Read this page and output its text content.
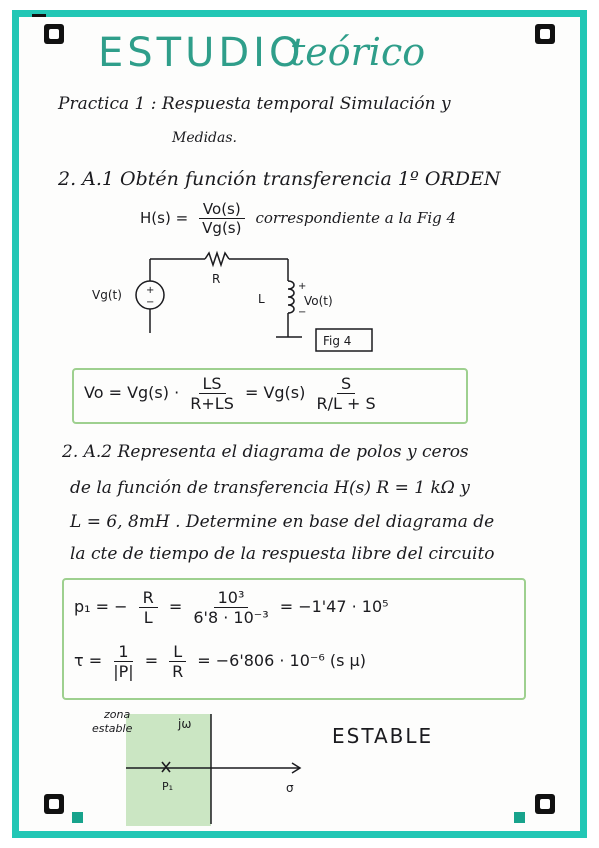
ESTUDIO
teórico
Practica 1 : Respuesta temporal Simulación y
Medidas.
2. A.1 Obtén función transferencia 1º ORDEN
$H(s) = \frac{Vo(s)}{Vg(s)}$ correspondiente a la Fig 4
+
−
Vg(t)
R
L
+
−
Vo(t)
Fig 4
$Vo = Vg(s) \cdot \frac{LS}{R+LS} = Vg(s) \frac{S}{R/L + S}$
2. A.2 Representa el diagrama de polos y ceros
de la función de transferencia H(s) R = 1 kΩ y
L = 6, 8mH . Determine en base del diagrama de
la cte de tiempo de la respuesta libre del circuito
p₁ = − $\frac{R}{L} = \frac{\text{10³}}{\text{6'8 · 10⁻³}} = -1'47 \cdot 10^5$
$\tau = \frac{1}{|P|} = \frac{L}{R} = -6'806 \cdot 10^{-6}$ (s μ)
zona
estable	jω
σ
P₁
ESTABLE
